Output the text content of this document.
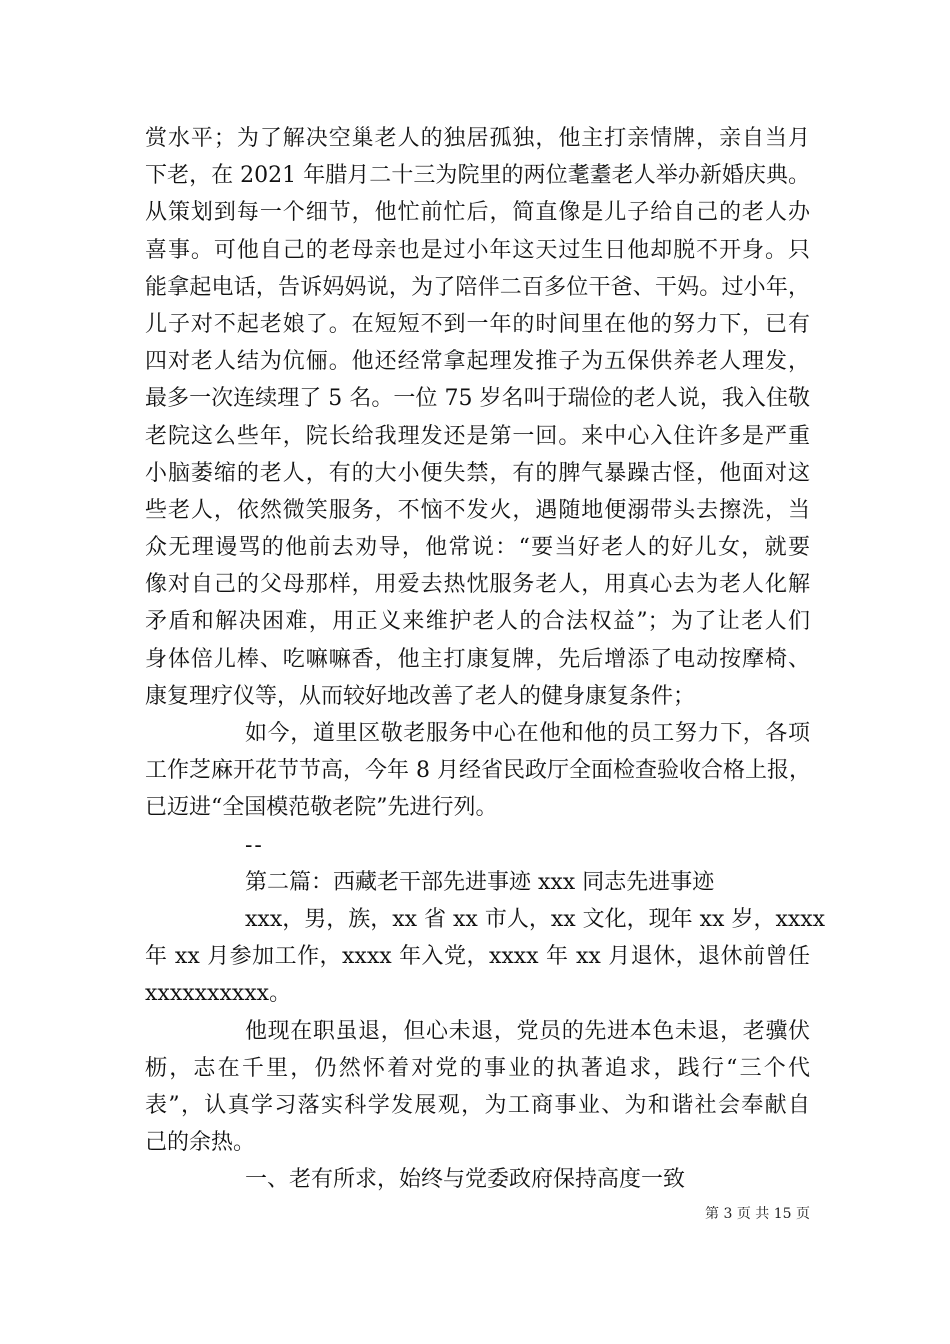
赏水平；为了解决空巢老人的独居孤独，他主打亲情牌，亲自当月
下老，在 2021 年腊月二十三为院里的两位耄耋老人举办新婚庆典。
从策划到每一个细节，他忙前忙后，简直像是儿子给自己的老人办
喜事。可他自己的老母亲也是过小年这天过生日他却脱不开身。只
能拿起电话，告诉妈妈说，为了陪伴二百多位干爸、干妈。过小年，
儿子对不起老娘了。在短短不到一年的时间里在他的努力下，已有
四对老人结为伉俪。他还经常拿起理发推子为五保供养老人理发，
最多一次连续理了 5 名。一位 75 岁名叫于瑞俭的老人说，我入住敬
老院这么些年，院长给我理发还是第一回。来中心入住许多是严重
小脑萎缩的老人，有的大小便失禁，有的脾气暴躁古怪，他面对这
些老人，依然微笑服务，不恼不发火，遇随地便溺带头去擦洗，当
众无理谩骂的他前去劝导，他常说：“要当好老人的好儿女，就要
像对自己的父母那样，用爱去热忱服务老人，用真心去为老人化解
矛盾和解决困难，用正义来维护老人的合法权益”；为了让老人们
身体倍儿棒、吃嘛嘛香，他主打康复牌，先后增添了电动按摩椅、
康复理疗仪等，从而较好地改善了老人的健身康复条件；
如今，道里区敬老服务中心在他和他的员工努力下，各项
工作芝麻开花节节高，今年 8 月经省民政厅全面检查验收合格上报，
已迈进“全国模范敬老院”先进行列。
--
第二篇：西藏老干部先进事迹 xxx 同志先进事迹
xxx，男，族，xx 省 xx 市人，xx 文化，现年 xx 岁，xxxx
年 xx 月参加工作，xxxx 年入党，xxxx 年 xx 月退休，退休前曾任
xxxxxxxxxx。
他现在职虽退，但心未退，党员的先进本色未退，老骥伏
枥，志在千里，仍然怀着对党的事业的执著追求，践行“三个代
表”，认真学习落实科学发展观，为工商事业、为和谐社会奉献自
己的余热。
一、老有所求，始终与党委政府保持高度一致
第 3 页 共 15 页
